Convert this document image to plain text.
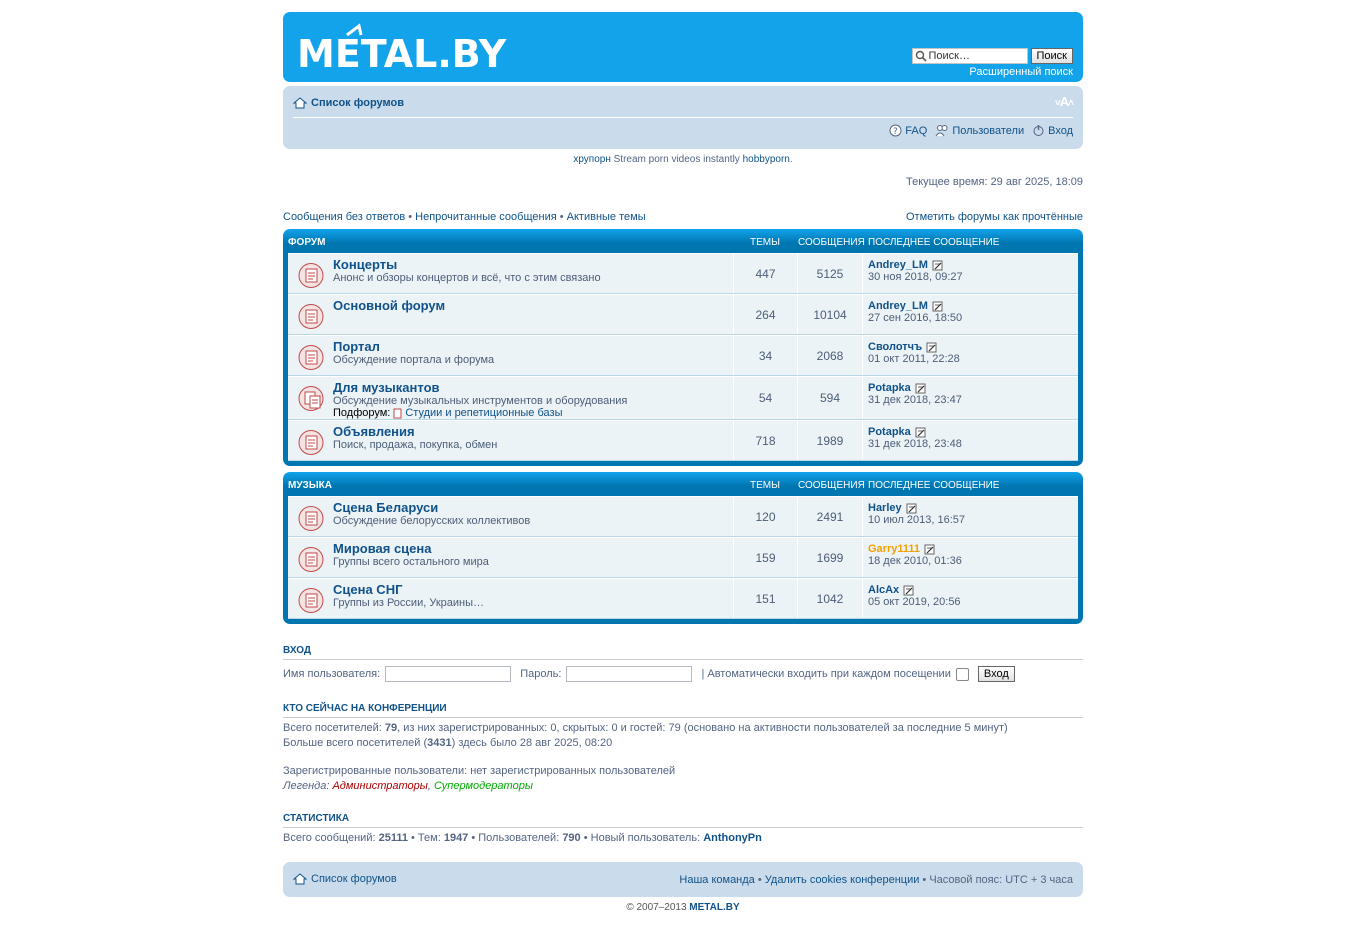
METAL.BY	Поиск…	Поиск
Расширенный поиск
Список форумов	˅A˄
? FAQ Пользователи Вход
хрупорн Stream porn videos instantly hobbyporn.
Текущее время: 29 авг 2025, 18:09
Сообщения без ответов • Непрочитанные сообщения • Активные темы	Отметить форумы как прочтённые
ФОРУМ	ТЕМЫ СООБЩЕНИЯ ПОСЛЕДНЕЕ СООБЩЕНИЕ
Концерты
Анонс и обзоры концертов и всё, что с этим связано	447	5125
Andrey_LM
30 ноя 2018, 09:27
Основной форум
264	10104
Andrey_LM
27 сен 2016, 18:50
Портал
Обсуждение портала и форума	34	2068
Сволотчъ
01 окт 2011, 22:28
Для музыкантов
Обсуждение музыкальных инструментов и оборудования
Подфорум: Студии и репетиционные базы
54	594
Potapka
31 дек 2018, 23:47
Объявления
Поиск, продажа, покупка, обмен	718	1989
Potapka
31 дек 2018, 23:48
МУЗЫКА	ТЕМЫ СООБЩЕНИЯ ПОСЛЕДНЕЕ СООБЩЕНИЕ
Сцена Беларуси
Обсуждение белорусских коллективов	120	2491
Harley
10 июл 2013, 16:57
Мировая сцена
Группы всего остального мира	159	1699
Garry1111
18 дек 2010, 01:36
Сцена СНГ
Группы из России, Украины…	151	1042
AlcAx
05 окт 2019, 20:56
ВХОД
Имя пользователя:	Пароль:	| Автоматически входить при каждом посещении	Вход
КТО СЕЙЧАС НА КОНФЕРЕНЦИИ
Всего посетителей: 79, из них зарегистрированных: 0, скрытых: 0 и гостей: 79 (основано на активности пользователей за последние 5 минут)
Больше всего посетителей (3431) здесь было 28 авг 2025, 08:20
Зарегистрированные пользователи: нет зарегистрированных пользователей
Легенда: Администраторы, Супермодераторы
СТАТИСТИКА
Всего сообщений: 25111 • Тем: 1947 • Пользователей: 790 • Новый пользователь: AnthonyPn
Список форумов	Наша команда • Удалить cookies конференции • Часовой пояс: UTC + 3 часа
© 2007–2013 METAL.BY
